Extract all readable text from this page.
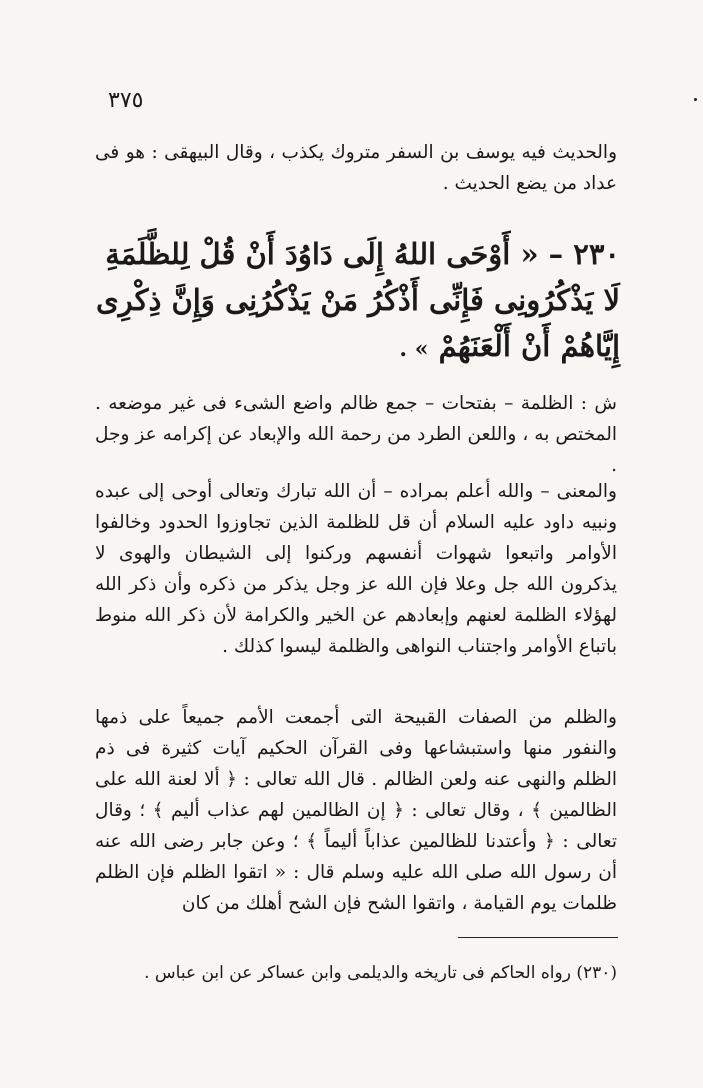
٣٧٥

والحديث فيه يوسف بن السفر متروك يكذب ، وقال البيهقى : هو فى عداد من يضع الحديث .

٢٣٠ – « أَوْحَى اللهُ إِلَى دَاوُدَ أَنْ قُلْ لِلظَّلَمَةِ لَا يَذْكُرُونِى فَإِنِّى أَذْكُرُ مَنْ يَذْكُرُنِى وَإِنَّ ذِكْرِى إِيَّاهُمْ أَنْ أَلْعَنَهُمْ » .

ش : الظلمة – بفتحات – جمع ظالم واضع الشىء فى غير موضعه . المختص به ، واللعن الطرد من رحمة الله والإبعاد عن إكرامه عز وجل .

والمعنى – والله أعلم بمراده – أن الله تبارك وتعالى أوحى إلى عبده ونبيه داود عليه السلام أن قل للظلمة الذين تجاوزوا الحدود وخالفوا الأوامر واتبعوا شهوات أنفسهم وركنوا إلى الشيطان والهوى لا يذكرون الله جل وعلا فإن الله عز وجل يذكر من ذكره وأن ذكر الله لهؤلاء الظلمة لعنهم وإبعادهم عن الخير والكرامة لأن ذكر الله منوط باتباع الأوامر واجتناب النواهى والظلمة ليسوا كذلك .

والظلم من الصفات القبيحة التى أجمعت الأمم جميعاً على ذمها والنفور منها واستبشاعها وفى القرآن الحكيم آيات كثيرة فى ذم الظلم والنهى عنه ولعن الظالم . قال الله تعالى : ﴿ ألا لعنة الله على الظالمين ﴾ ، وقال تعالى : ﴿ إن الظالمين لهم عذاب أليم ﴾ ؛ وقال تعالى : ﴿ وأعتدنا للظالمين عذاباً أليماً ﴾ ؛ وعن جابر رضى الله عنه أن رسول الله صلى الله عليه وسلم قال : « اتقوا الظلم فإن الظلم ظلمات يوم القيامة ، واتقوا الشح فإن الشح أهلك من كان

(٢٣٠) رواه الحاكم فى تاريخه والديلمى وابن عساكر عن ابن عباس .
